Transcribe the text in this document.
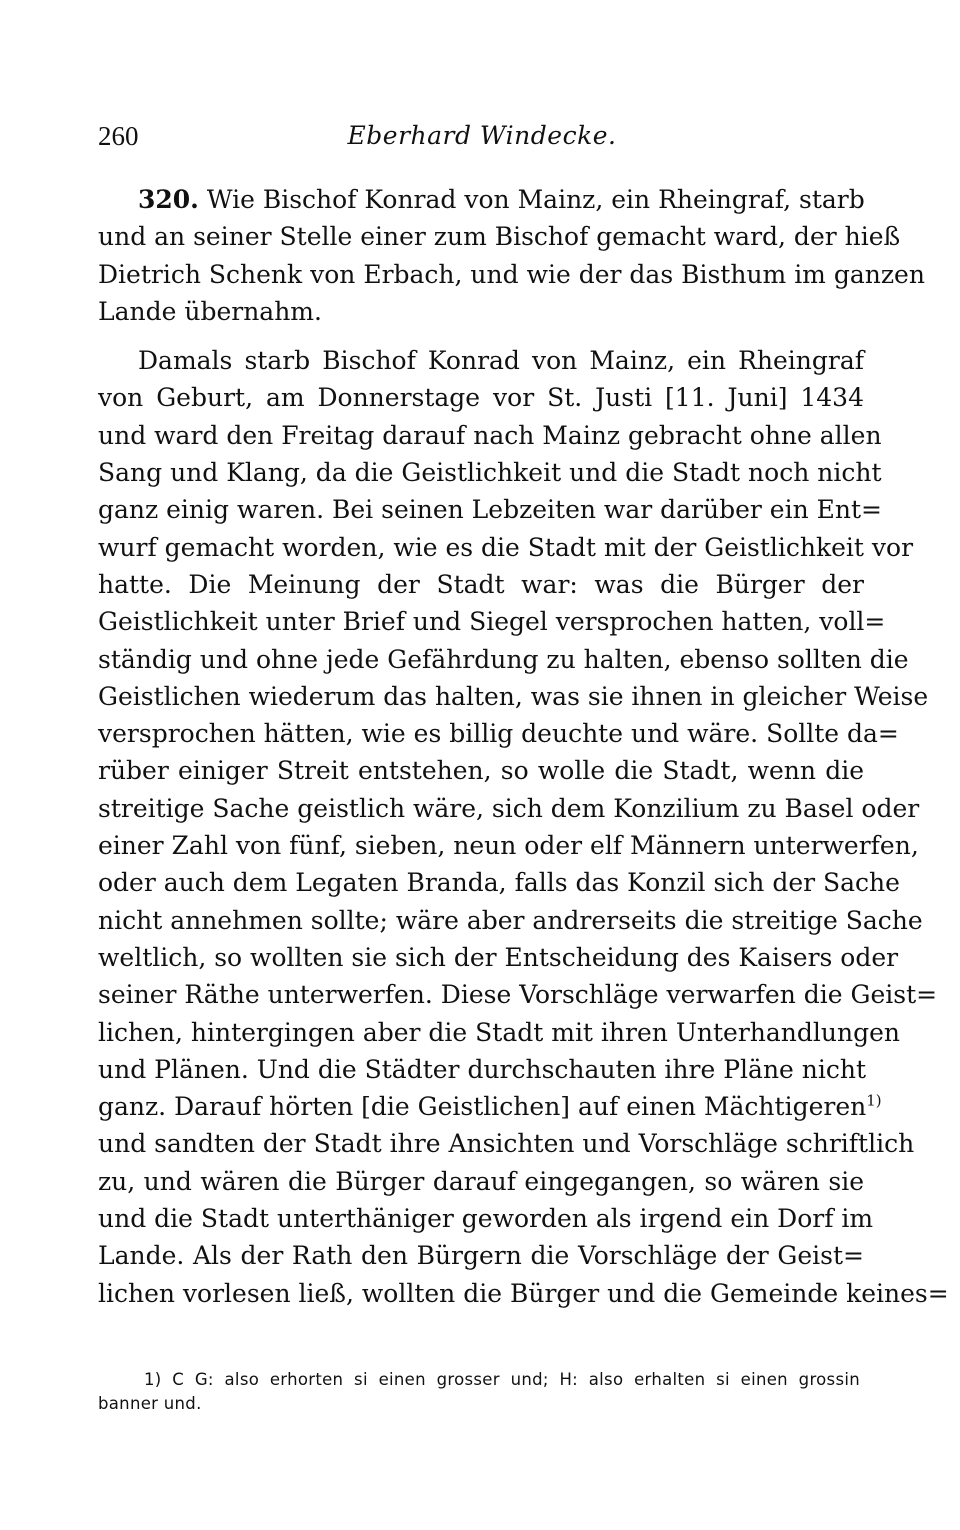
260	Eberhard Windecke.
320. Wie Bischof Konrad von Mainz, ein Rheingraf, starb
und an seiner Stelle einer zum Bischof gemacht ward, der hieß
Dietrich Schenk von Erbach, und wie der das Bisthum im ganzen
Lande übernahm.
Damals starb Bischof Konrad von Mainz, ein Rheingraf
von Geburt, am Donnerstage vor St. Justi [11. Juni] 1434
und ward den Freitag darauf nach Mainz gebracht ohne allen
Sang und Klang, da die Geistlichkeit und die Stadt noch nicht
ganz einig waren. Bei seinen Lebzeiten war darüber ein Ent=
wurf gemacht worden, wie es die Stadt mit der Geistlichkeit vor
hatte. Die Meinung der Stadt war: was die Bürger der
Geistlichkeit unter Brief und Siegel versprochen hatten, voll=
ständig und ohne jede Gefährdung zu halten, ebenso sollten die
Geistlichen wiederum das halten, was sie ihnen in gleicher Weise
versprochen hätten, wie es billig deuchte und wäre. Sollte da=
rüber einiger Streit entstehen, so wolle die Stadt, wenn die
streitige Sache geistlich wäre, sich dem Konzilium zu Basel oder
einer Zahl von fünf, sieben, neun oder elf Männern unterwerfen,
oder auch dem Legaten Branda, falls das Konzil sich der Sache
nicht annehmen sollte; wäre aber andrerseits die streitige Sache
weltlich, so wollten sie sich der Entscheidung des Kaisers oder
seiner Räthe unterwerfen. Diese Vorschläge verwarfen die Geist=
lichen, hintergingen aber die Stadt mit ihren Unterhandlungen
und Plänen. Und die Städter durchschauten ihre Pläne nicht
ganz. Darauf hörten [die Geistlichen] auf einen Mächtigeren$^{1)}$
und sandten der Stadt ihre Ansichten und Vorschläge schriftlich
zu, und wären die Bürger darauf eingegangen, so wären sie
und die Stadt unterthäniger geworden als irgend ein Dorf im
Lande. Als der Rath den Bürgern die Vorschläge der Geist=
lichen vorlesen ließ, wollten die Bürger und die Gemeinde keines=
1) C G: also erhorten si einen grosser und; H: also erhalten si einen grossin
banner und.
